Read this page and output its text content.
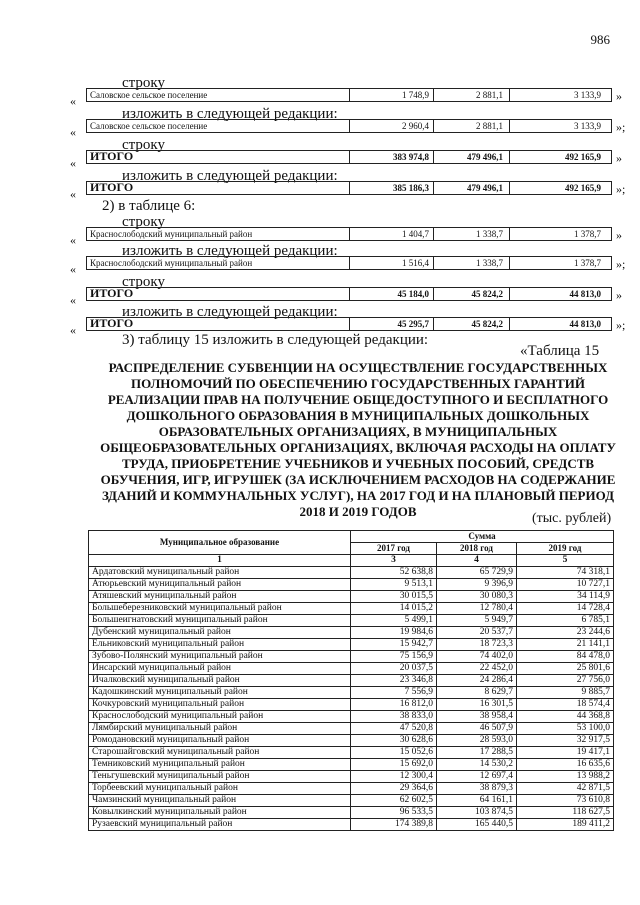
986
строку
« Саловское сельское поселение	1 748,9	2 881,1	3 133,9 »
изложить в следующей редакции:
« Саловское сельское поселение	2 960,4	2 881,1	3 133,9 »;
строку
« ИТОГО	383 974,8	479 496,1	492 165,9 »
изложить в следующей редакции:
« ИТОГО	385 186,3	479 496,1	492 165,9 »;
2) в таблице 6:
строку
« Краснослободский муниципальный район	1 404,7	1 338,7	1 378,7 »
изложить в следующей редакции:
« Краснослободский муниципальный район	1 516,4	1 338,7	1 378,7 »;
строку
« ИТОГО	45 184,0	45 824,2	44 813,0 »
изложить в следующей редакции:
« ИТОГО	45 295,7	45 824,2	44 813,0 »;
3) таблицу 15 изложить в следующей редакции:
«Таблица 15
РАСПРЕДЕЛЕНИЕ СУБВЕНЦИИ НА ОСУЩЕСТВЛЕНИЕ ГОСУДАРСТВЕННЫХ ПОЛНОМОЧИЙ ПО ОБЕСПЕЧЕНИЮ ГОСУДАРСТВЕННЫХ ГАРАНТИЙ РЕАЛИЗАЦИИ ПРАВ НА ПОЛУЧЕНИЕ ОБЩЕДОСТУПНОГО И БЕСПЛАТНОГО ДОШКОЛЬНОГО ОБРАЗОВАНИЯ В МУНИЦИПАЛЬНЫХ ДОШКОЛЬНЫХ ОБРАЗОВАТЕЛЬНЫХ ОРГАНИЗАЦИЯХ, В МУНИЦИПАЛЬНЫХ ОБЩЕОБРАЗОВАТЕЛЬНЫХ ОРГАНИЗАЦИЯХ, ВКЛЮЧАЯ РАСХОДЫ НА ОПЛАТУ ТРУДА, ПРИОБРЕТЕНИЕ УЧЕБНИКОВ И УЧЕБНЫХ ПОСОБИЙ, СРЕДСТВ ОБУЧЕНИЯ, ИГР, ИГРУШЕК (ЗА ИСКЛЮЧЕНИЕМ РАСХОДОВ НА СОДЕРЖАНИЕ ЗДАНИЙ И КОММУНАЛЬНЫХ УСЛУГ), НА 2017 ГОД И НА ПЛАНОВЫЙ ПЕРИОД 2018 И 2019 ГОДОВ	(тыс. рублей)
Муниципальное образование	Сумма		
	2017 год	2018 год	2019 год
1	3	4	5
Ардатовский муниципальный район	52 638,8	65 729,9	74 318,1
Атюрьевский муниципальный район	9 513,1	9 396,9	10 727,1
Атяшевский муниципальный район	30 015,5	30 080,3	34 114,9
Большеберезниковский муниципальный район	14 015,2	12 780,4	14 728,4
Большеигнатовский муниципальный район	5 499,1	5 949,7	6 785,1
Дубенский муниципальный район	19 984,6	20 537,7	23 244,6
Ельниковский муниципальный район	15 942,7	18 723,3	21 141,1
Зубово-Полянский муниципальный район	75 156,9	74 402,0	84 478,0
Инсарский муниципальный район	20 037,5	22 452,0	25 801,6
Ичалковский муниципальный район	23 346,8	24 286,4	27 756,0
Кадошкинский муниципальный район	7 556,9	8 629,7	9 885,7
Кочкуровский муниципальный район	16 812,0	16 301,5	18 574,4
Краснослободский муниципальный район	38 833,0	38 958,4	44 368,8
Лямбирский муниципальный район	47 520,8	46 507,9	53 100,0
Ромодановский муниципальный район	30 628,6	28 593,0	32 917,5
Старошайговский муниципальный район	15 052,6	17 288,5	19 417,1
Темниковский муниципальный район	15 692,0	14 530,2	16 635,6
Теньгушевский муниципальный район	12 300,4	12 697,4	13 988,2
Торбеевский муниципальный район	29 364,6	38 879,3	42 871,5
Чамзинский муниципальный район	62 602,5	64 161,1	73 610,8
Ковылкинский муниципальный район	96 533,5	103 874,5	118 627,5
Рузаевский муниципальный район	174 389,8	165 440,5	189 411,2
